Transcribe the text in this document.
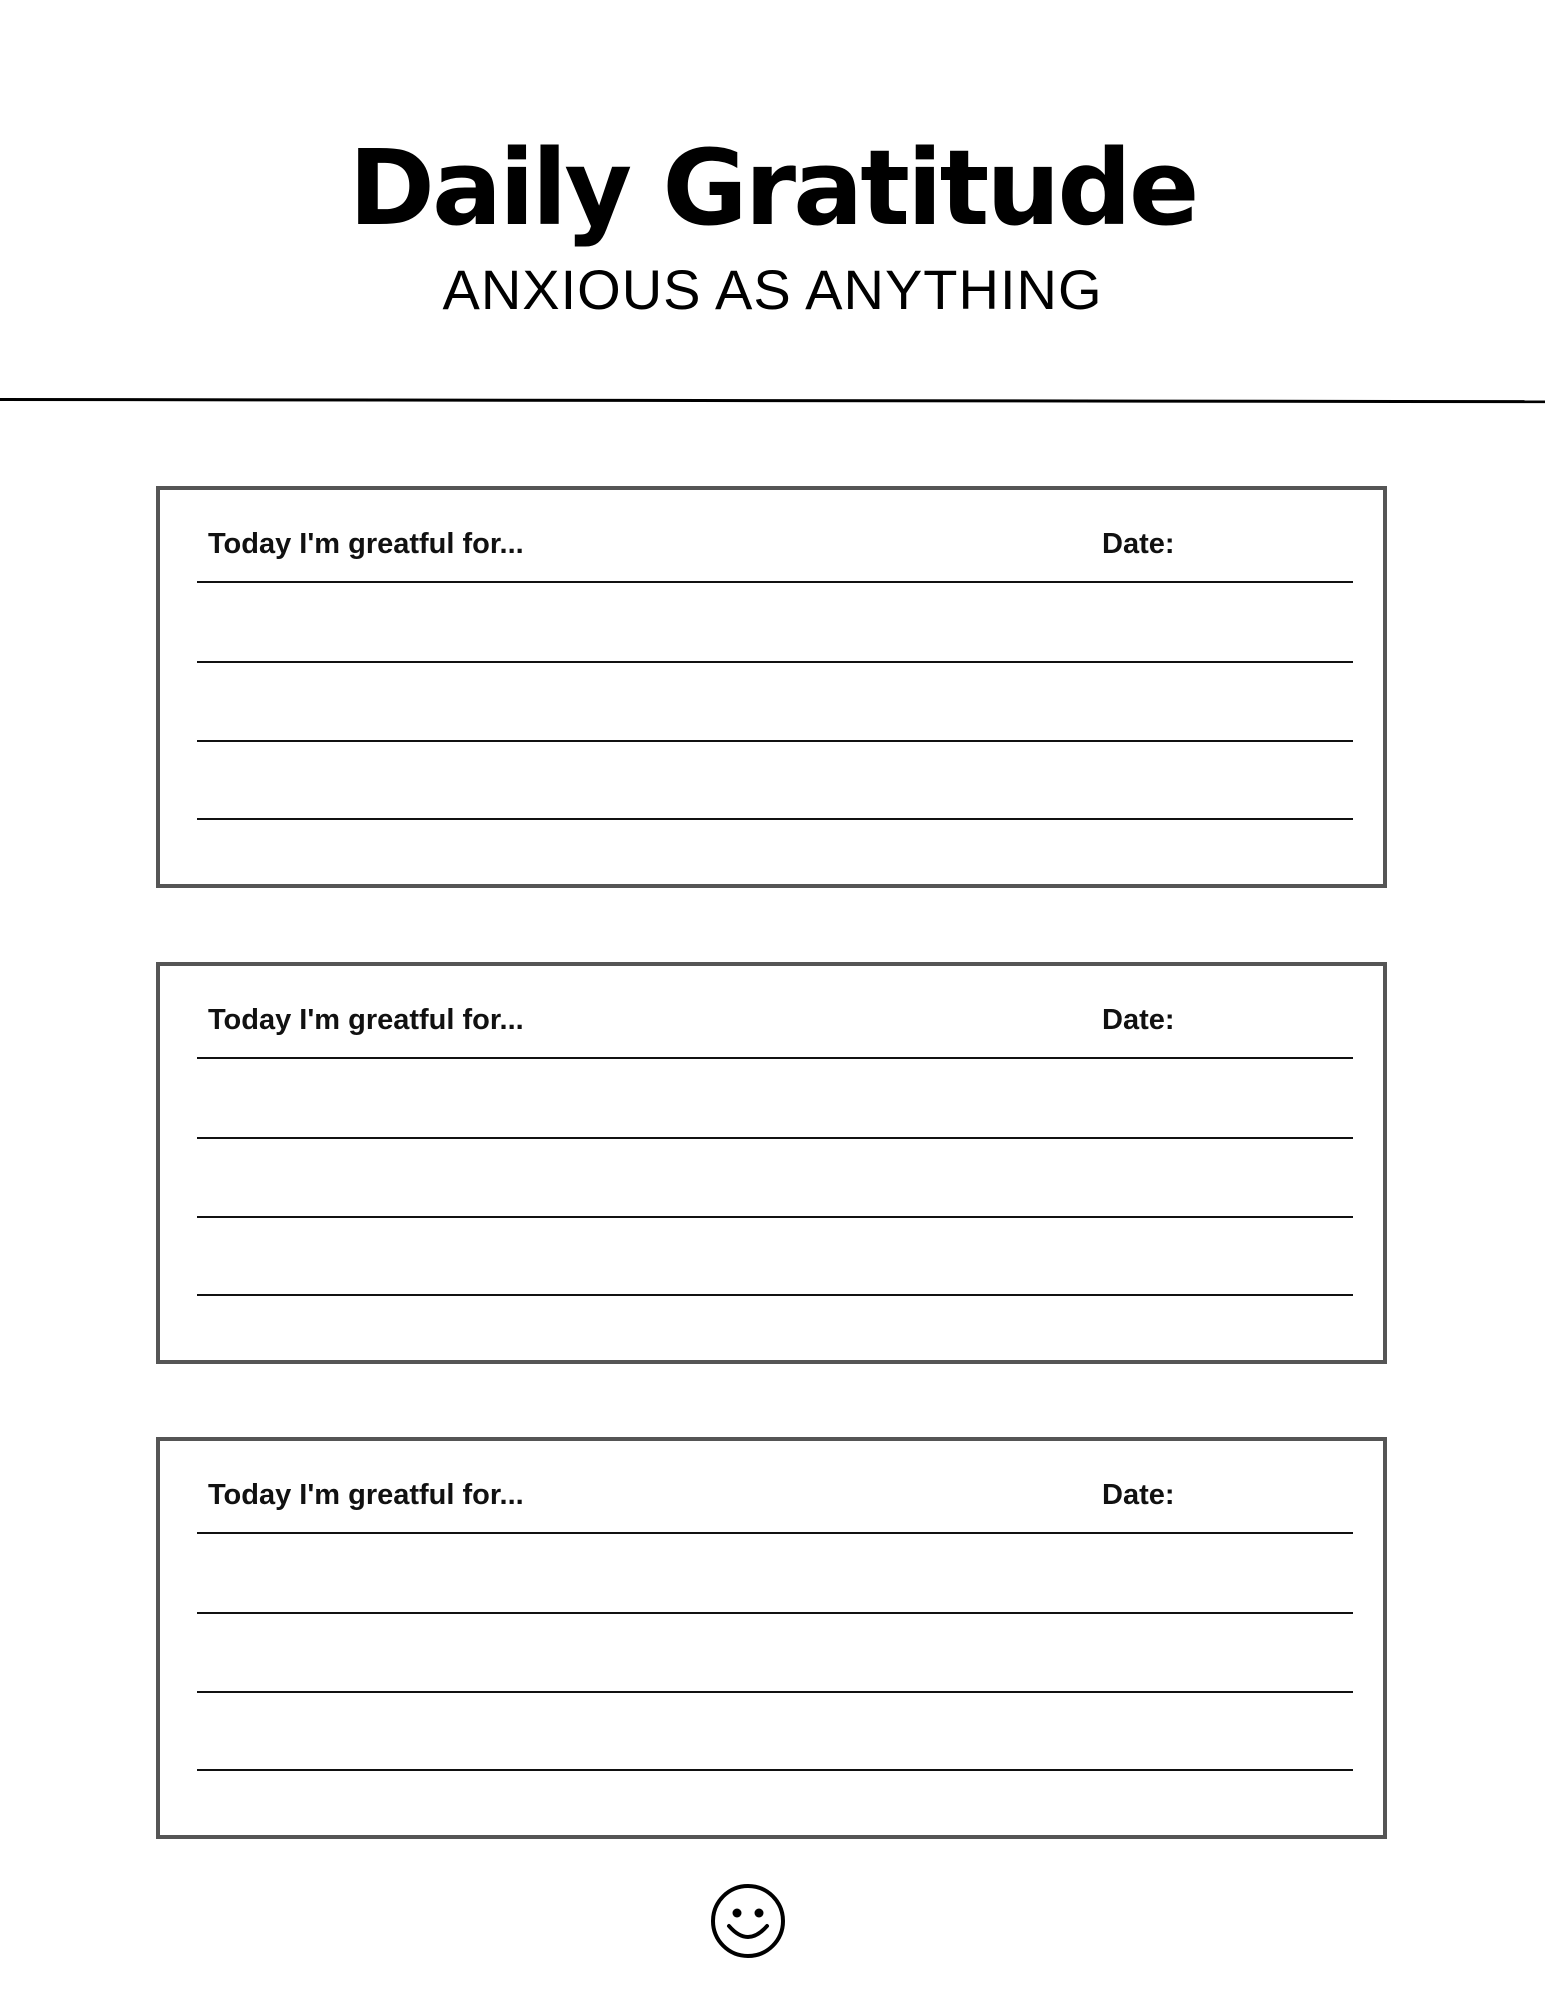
Daily Gratitude
ANXIOUS AS ANYTHING
Today I'm greatful for...	Date:
Today I'm greatful for...	Date:
Today I'm greatful for...	Date:
